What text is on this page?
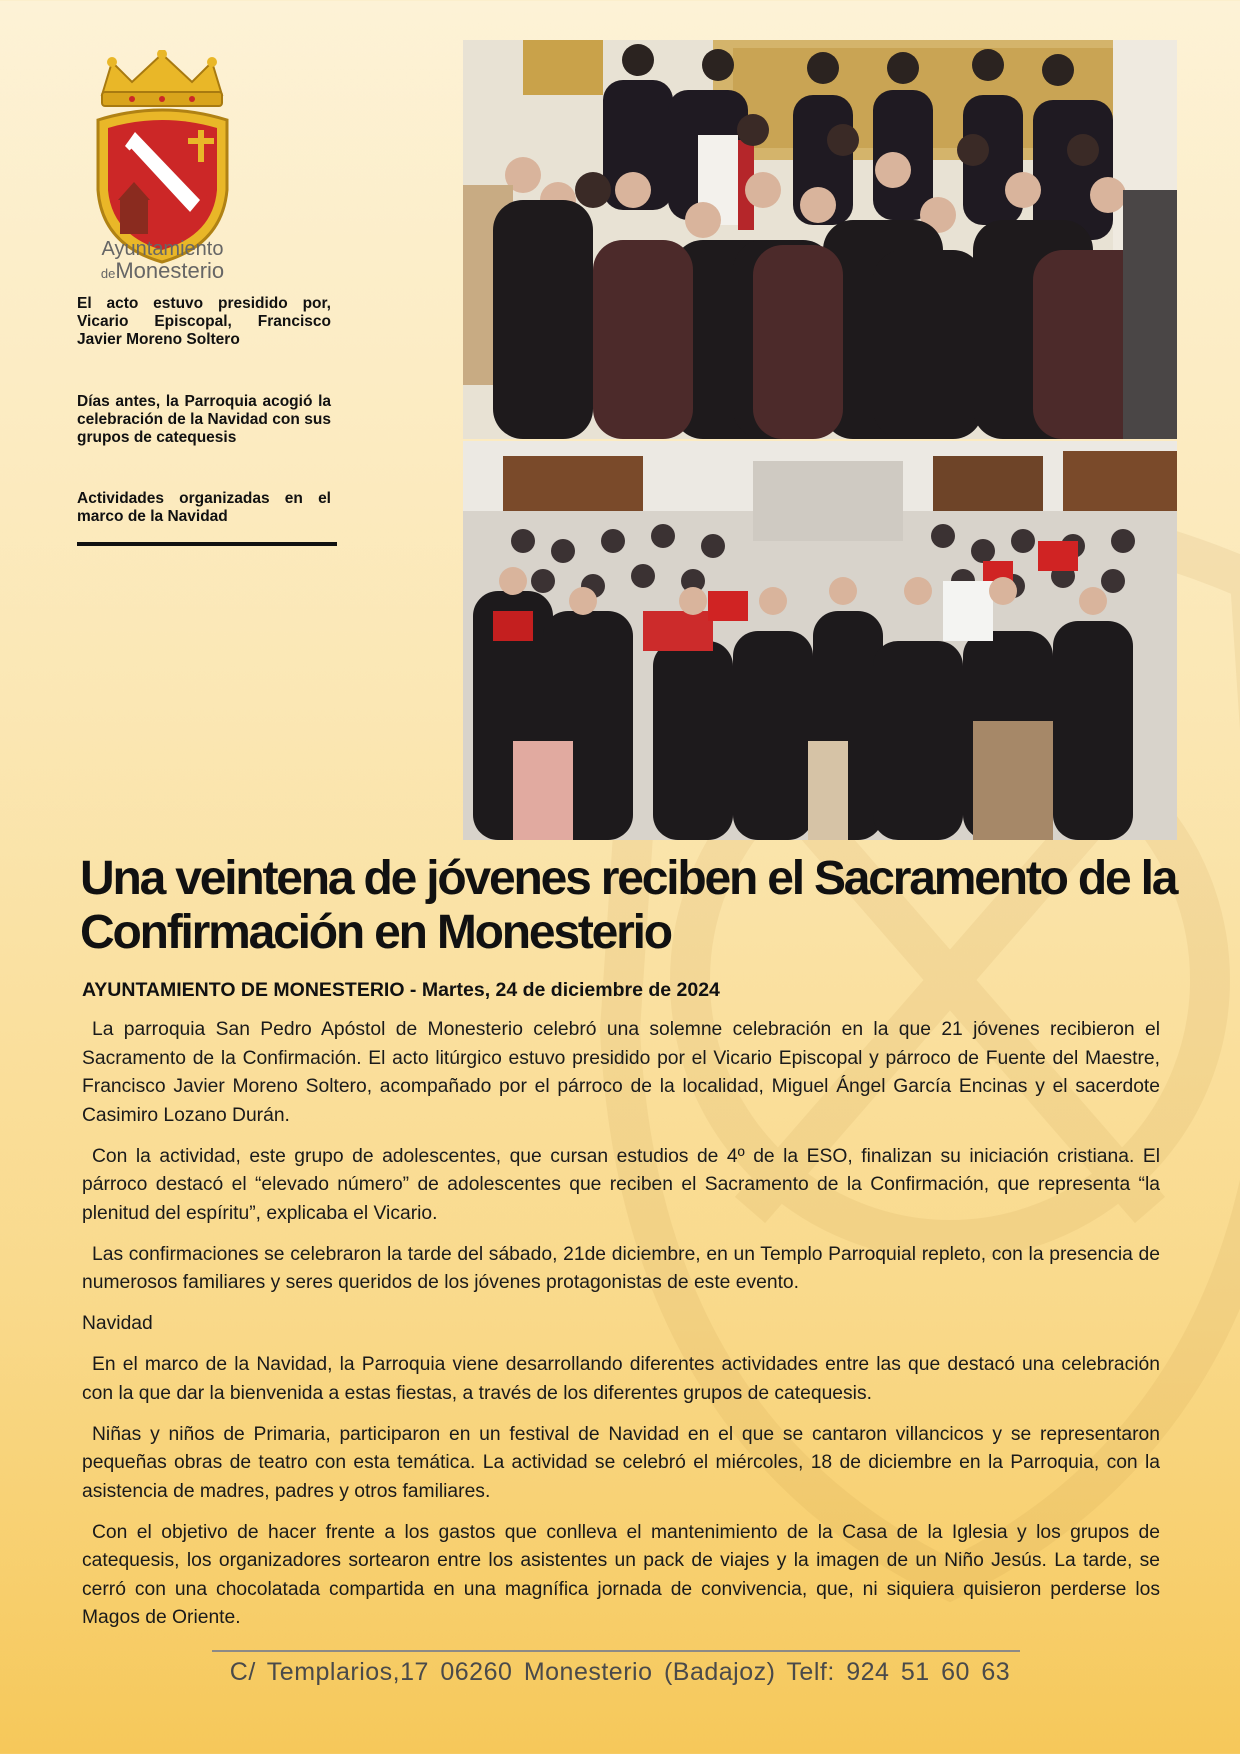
Ayuntamiento
deMonesterio
El acto estuvo presidido por, Vicario Episcopal, Francisco Javier Moreno Soltero
Días antes, la Parroquia acogió la celebración de la Navidad con sus grupos de catequesis
Actividades organizadas en el marco de la Navidad
Una veintena de jóvenes reciben el Sacramento de la Confirmación en Monesterio
AYUNTAMIENTO DE MONESTERIO - Martes, 24 de diciembre de 2024

La parroquia San Pedro Apóstol de Monesterio celebró una solemne celebración en la que 21 jóvenes recibieron el Sacramento de la Confirmación. El acto litúrgico estuvo presidido por el Vicario Episcopal y párroco de Fuente del Maestre, Francisco Javier Moreno Soltero, acompañado por el párroco de la localidad, Miguel Ángel García Encinas y el sacerdote Casimiro Lozano Durán.

Con la actividad, este grupo de adolescentes, que cursan estudios de 4º de la ESO, finalizan su iniciación cristiana. El párroco destacó el “elevado número” de adolescentes que reciben el Sacramento de la Confirmación, que representa “la plenitud del espíritu”, explicaba el Vicario.

Las confirmaciones se celebraron la tarde del sábado, 21de diciembre, en un Templo Parroquial repleto, con la presencia de numerosos familiares y seres queridos de los jóvenes protagonistas de este evento.

Navidad

En el marco de la Navidad, la Parroquia viene desarrollando diferentes actividades entre las que destacó una celebración con la que dar la bienvenida a estas fiestas, a través de los diferentes grupos de catequesis.

Niñas y niños de Primaria, participaron en un festival de Navidad en el que se cantaron villancicos y se representaron pequeñas obras de teatro con esta temática. La actividad se celebró el miércoles, 18 de diciembre en la Parroquia, con la asistencia de madres, padres y otros familiares.

Con el objetivo de hacer frente a los gastos que conlleva el mantenimiento de la Casa de la Iglesia y los grupos de catequesis, los organizadores sortearon entre los asistentes un pack de viajes y la imagen de un Niño Jesús. La tarde, se cerró con una chocolatada compartida en una magnífica jornada de convivencia, que, ni siquiera quisieron perderse los Magos de Oriente.

C/ Templarios,17 06260 Monesterio (Badajoz) Telf: 924 51 60 63
